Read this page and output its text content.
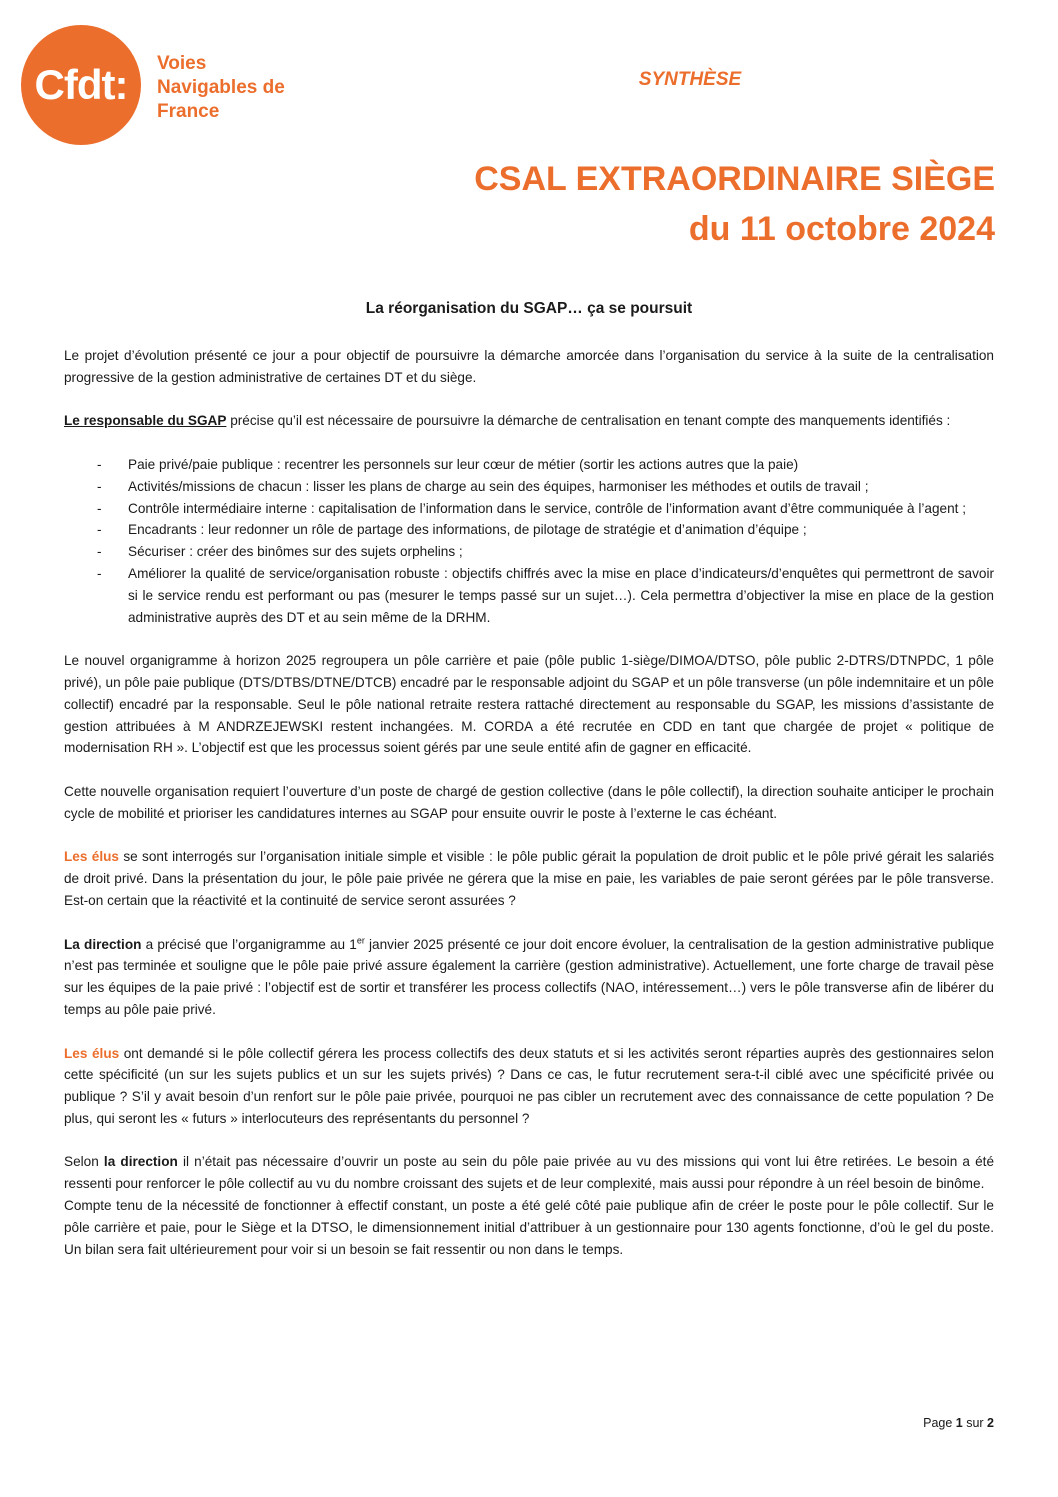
Cfdt: Voies
Navigables de
France
SYNTHÈSE
CSAL EXTRAORDINAIRE SIÈGE
du 11 octobre 2024
La réorganisation du SGAP… ça se poursuit

Le projet d’évolution présenté ce jour a pour objectif de poursuivre la démarche amorcée dans l’organisation du service à la suite de la centralisation progressive de la gestion administrative de certaines DT et du siège.

Le responsable du SGAP précise qu’il est nécessaire de poursuivre la démarche de centralisation en tenant compte des manquements identifiés :

- Paie privé/paie publique : recentrer les personnels sur leur cœur de métier (sortir les actions autres que la paie)
- Activités/missions de chacun : lisser les plans de charge au sein des équipes, harmoniser les méthodes et outils de travail ;
- Contrôle intermédiaire interne : capitalisation de l’information dans le service, contrôle de l’information avant d’être communiquée à l’agent ;
- Encadrants : leur redonner un rôle de partage des informations, de pilotage de stratégie et d’animation d’équipe ;
- Sécuriser : créer des binômes sur des sujets orphelins ;
- Améliorer la qualité de service/organisation robuste : objectifs chiffrés avec la mise en place d’indicateurs/d’enquêtes qui permettront de savoir si le service rendu est performant ou pas (mesurer le temps passé sur un sujet…). Cela permettra d’objectiver la mise en place de la gestion administrative auprès des DT et au sein même de la DRHM.

Le nouvel organigramme à horizon 2025 regroupera un pôle carrière et paie (pôle public 1-siège/DIMOA/DTSO, pôle public 2-DTRS/DTNPDC, 1 pôle privé), un pôle paie publique (DTS/DTBS/DTNE/DTCB) encadré par le responsable adjoint du SGAP et un pôle transverse (un pôle indemnitaire et un pôle collectif) encadré par la responsable. Seul le pôle national retraite restera rattaché directement au responsable du SGAP, les missions d’assistante de gestion attribuées à M ANDRZEJEWSKI restent inchangées. M. CORDA a été recrutée en CDD en tant que chargée de projet « politique de modernisation RH ». L’objectif est que les processus soient gérés par une seule entité afin de gagner en efficacité.

Cette nouvelle organisation requiert l’ouverture d’un poste de chargé de gestion collective (dans le pôle collectif), la direction souhaite anticiper le prochain cycle de mobilité et prioriser les candidatures internes au SGAP pour ensuite ouvrir le poste à l’externe le cas échéant.

Les élus se sont interrogés sur l’organisation initiale simple et visible : le pôle public gérait la population de droit public et le pôle privé gérait les salariés de droit privé. Dans la présentation du jour, le pôle paie privée ne gérera que la mise en paie, les variables de paie seront gérées par le pôle transverse. Est-on certain que la réactivité et la continuité de service seront assurées ?

La direction a précisé que l’organigramme au 1er janvier 2025 présenté ce jour doit encore évoluer, la centralisation de la gestion administrative publique n’est pas terminée et souligne que le pôle paie privé assure également la carrière (gestion administrative). Actuellement, une forte charge de travail pèse sur les équipes de la paie privé : l’objectif est de sortir et transférer les process collectifs (NAO, intéressement…) vers le pôle transverse afin de libérer du temps au pôle paie privé.

Les élus ont demandé si le pôle collectif gérera les process collectifs des deux statuts et si les activités seront réparties auprès des gestionnaires selon cette spécificité (un sur les sujets publics et un sur les sujets privés) ? Dans ce cas, le futur recrutement sera-t-il ciblé avec une spécificité privée ou publique ? S’il y avait besoin d’un renfort sur le pôle paie privée, pourquoi ne pas cibler un recrutement avec des connaissance de cette population ? De plus, qui seront les « futurs » interlocuteurs des représentants du personnel ?

Selon la direction il n’était pas nécessaire d’ouvrir un poste au sein du pôle paie privée au vu des missions qui vont lui être retirées. Le besoin a été ressenti pour renforcer le pôle collectif au vu du nombre croissant des sujets et de leur complexité, mais aussi pour répondre à un réel besoin de binôme.

Compte tenu de la nécessité de fonctionner à effectif constant, un poste a été gelé côté paie publique afin de créer le poste pour le pôle collectif. Sur le pôle carrière et paie, pour le Siège et la DTSO, le dimensionnement initial d’attribuer à un gestionnaire pour 130 agents fonctionne, d’où le gel du poste. Un bilan sera fait ultérieurement pour voir si un besoin se fait ressentir ou non dans le temps.

Page 1 sur 2
